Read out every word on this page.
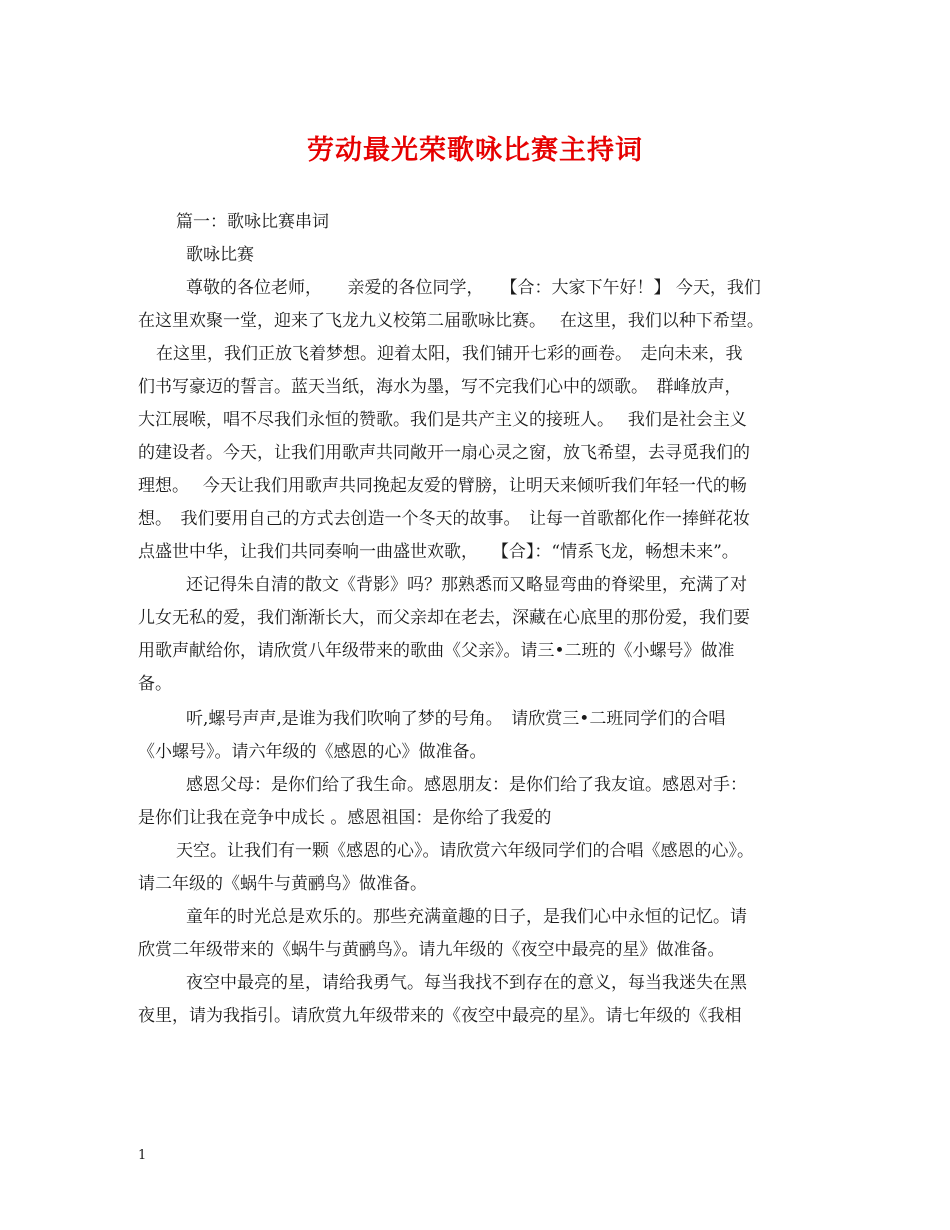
劳动最光荣歌咏比赛主持词
篇一：歌咏比赛串词
歌咏比赛
尊敬的各位老师，　　亲爱的各位同学，　　【合：大家下午好！】 今天，我们
在这里欢聚一堂，迎来了飞龙九义校第二届歌咏比赛。　 在这里，我们以种下希望。
在这里，我们正放飞着梦想。迎着太阳，我们铺开七彩的画卷。　走向未来，我
们书写豪迈的誓言。蓝天当纸，海水为墨，写不完我们心中的颂歌。　群峰放声，
大江展喉，唱不尽我们永恒的赞歌。我们是共产主义的接班人。　 我们是社会主义
的建设者。今天，让我们用歌声共同敞开一扇心灵之窗，放飞希望，去寻觅我们的
理想。　 今天让我们用歌声共同挽起友爱的臂膀，让明天来倾听我们年轻一代的畅
想。　我们要用自己的方式去创造一个冬天的故事。　让每一首歌都化作一捧鲜花妆
点盛世中华，让我们共同奏响一曲盛世欢歌，　 【合】：“情系飞龙，畅想未来”。
还记得朱自清的散文《背影》吗？那熟悉而又略显弯曲的脊梁里，充满了对
儿女无私的爱，我们渐渐长大，而父亲却在老去，深藏在心底里的那份爱，我们要
用歌声献给你，请欣赏八年级带来的歌曲《父亲》。请三•二班的《小螺号》做准
备。
听,螺号声声,是谁为我们吹响了梦的号角。　请欣赏三•二班同学们的合唱
《小螺号》。请六年级的《感恩的心》做准备。
感恩父母：是你们给了我生命。感恩朋友：是你们给了我友谊。感恩对手：
是你们让我在竞争中成长 。感恩祖国：是你给了我爱的
天空。让我们有一颗《感恩的心》。请欣赏六年级同学们的合唱《感恩的心》。
请二年级的《蜗牛与黄鹂鸟》做准备。
童年的时光总是欢乐的。那些充满童趣的日子，是我们心中永恒的记忆。请
欣赏二年级带来的《蜗牛与黄鹂鸟》。请九年级的《夜空中最亮的星》做准备。
夜空中最亮的星，请给我勇气。每当我找不到存在的意义，每当我迷失在黑
夜里，请为我指引。请欣赏九年级带来的《夜空中最亮的星》。请七年级的《我相
1
